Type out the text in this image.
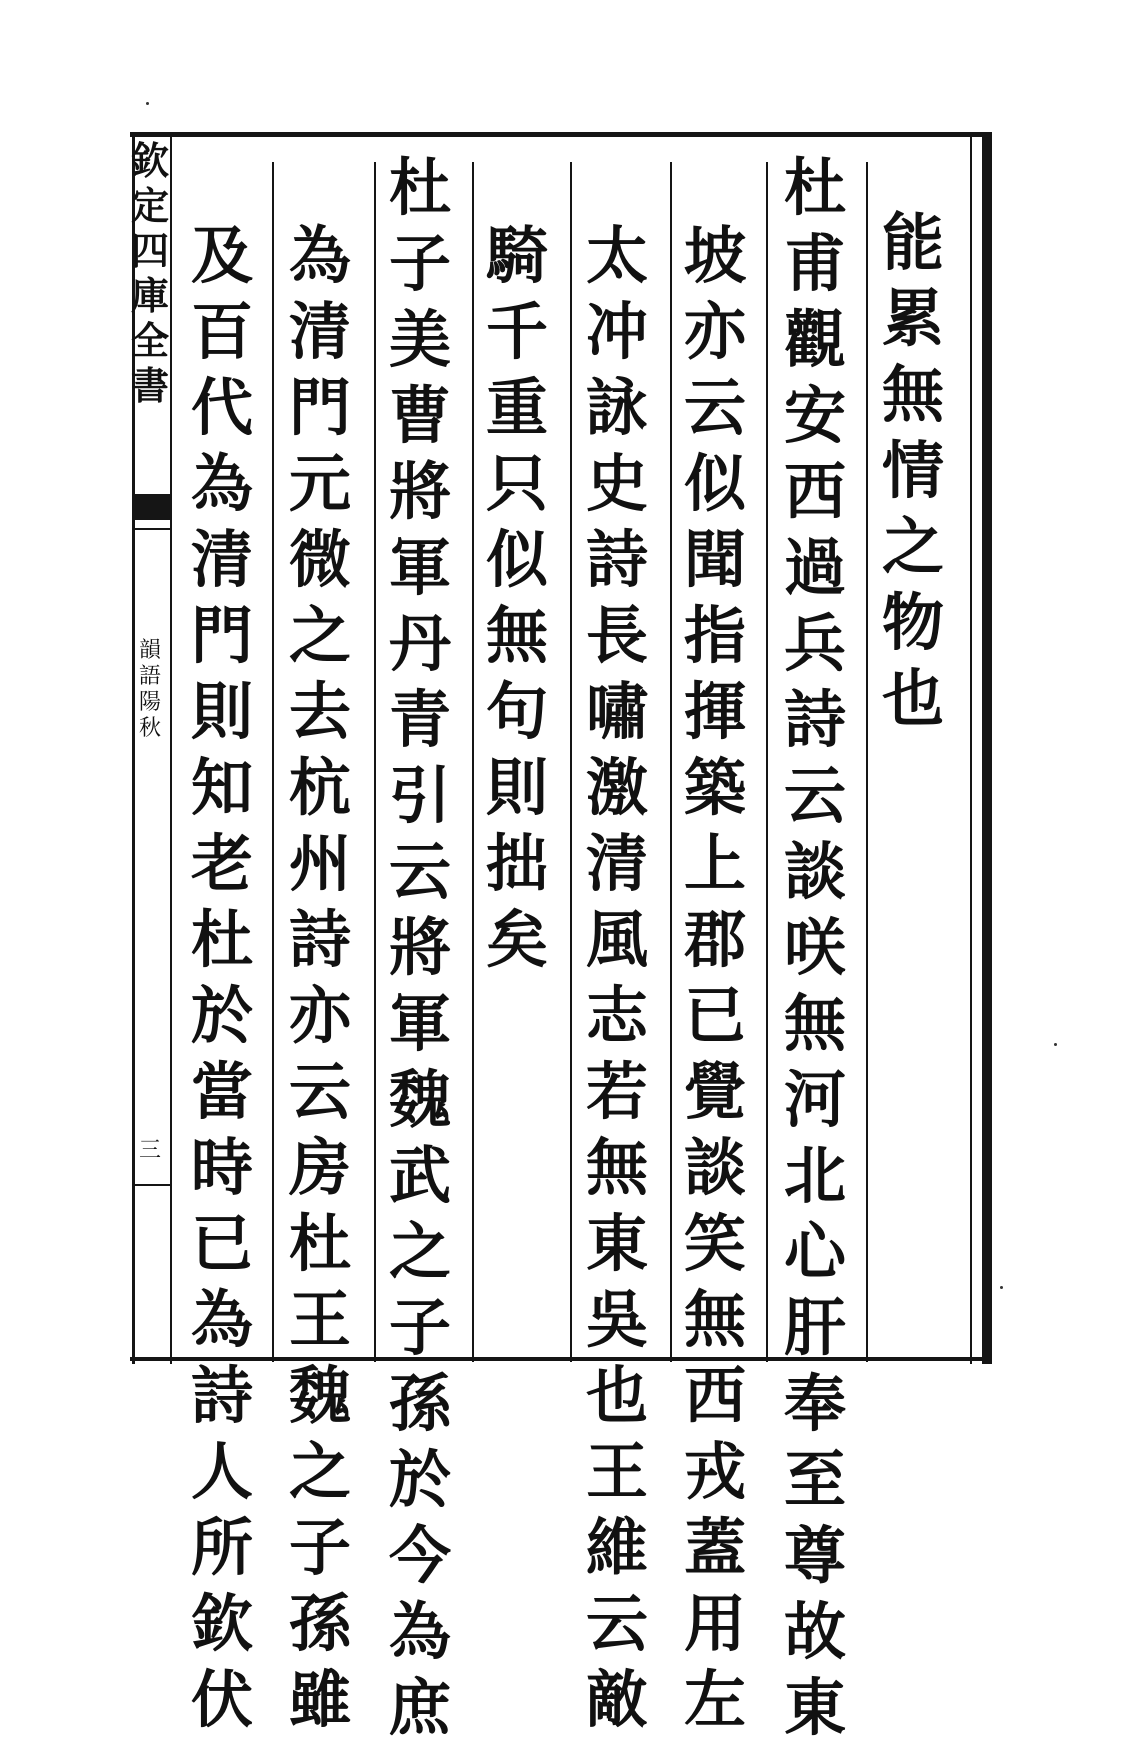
欽
定
四
庫
全
書
韻
語
陽
秋
三
能
累
無
情
之
物
也
杜
甫
觀
安
西
過
兵
詩
云
談
咲
無
河
北
心
肝
奉
至
尊
故
東
坡
亦
云
似
聞
指
揮
築
上
郡
已
覺
談
笑
無
西
戎
蓋
用
左
太
冲
詠
史
詩
長
嘯
激
清
風
志
若
無
東
吳
也
王
維
云
敵
騎
千
重
只
似
無
句
則
拙
矣
杜
子
美
曹
將
軍
丹
青
引
云
將
軍
魏
武
之
子
孫
於
今
為
庶
為
清
門
元
微
之
去
杭
州
詩
亦
云
房
杜
王
魏
之
子
孫
雖
及
百
代
為
清
門
則
知
老
杜
於
當
時
已
為
詩
人
所
欽
伏
